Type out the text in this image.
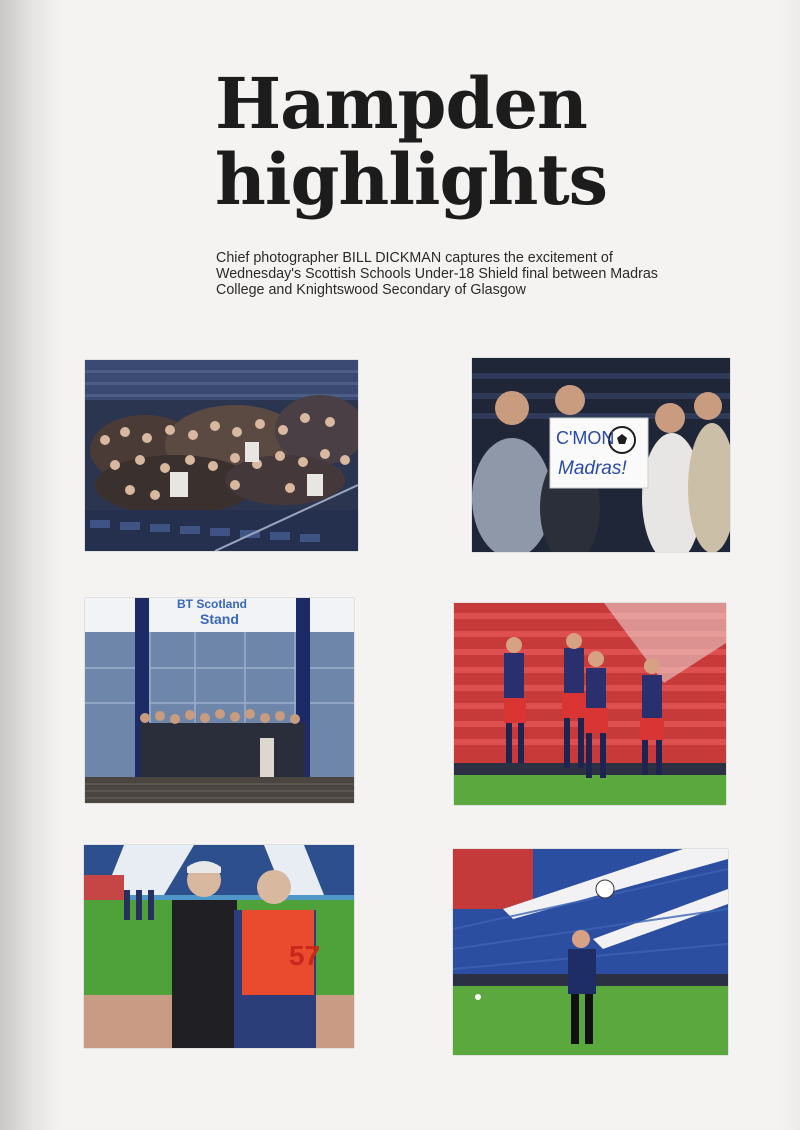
Hampden
highlights

Chief photographer BILL DICKMAN captures the excitement of Wednesday's Scottish Schools Under-18 Shield final between Madras College and Knightswood Secondary of Glasgow

C'MON
Madras!
BT Scotland
Stand
57
